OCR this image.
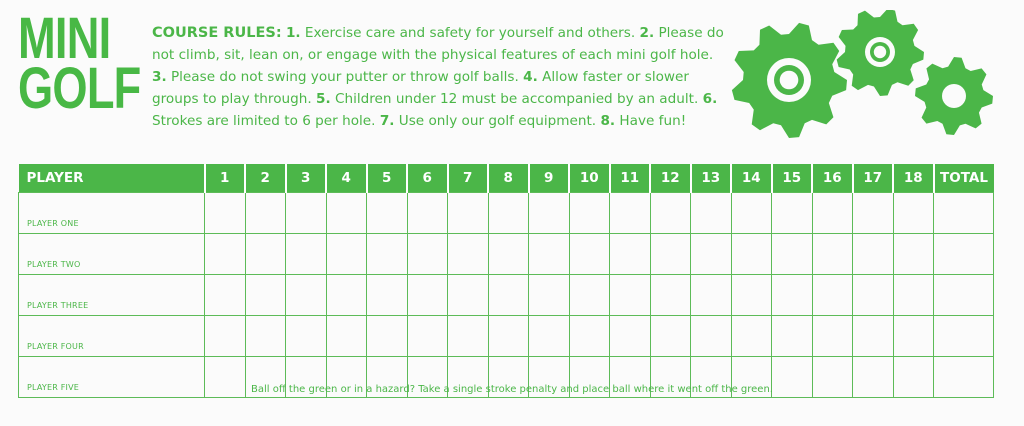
MINI
GOLF
COURSE RULES: 1. Exercise care and safety for yourself and others. 2. Please do not climb, sit, lean on, or engage with the physical features of each mini golf hole. 3. Please do not swing your putter or throw golf balls. 4. Allow faster or slower groups to play through. 5. Children under 12 must be accompanied by an adult. 6. Strokes are limited to 6 per hole. 7. Use only our golf equipment. 8. Have fun!
PLAYER	1	2	3	4	5	6	7	8	9	10	11	12	13	14	15	16	17	18	TOTAL
PLAYER ONE																			
PLAYER TWO																			
PLAYER THREE																			
PLAYER FOUR																			
PLAYER FIVE																				Ball off the green or in a hazard? Take a single stroke penalty and place ball where it went off the green.
